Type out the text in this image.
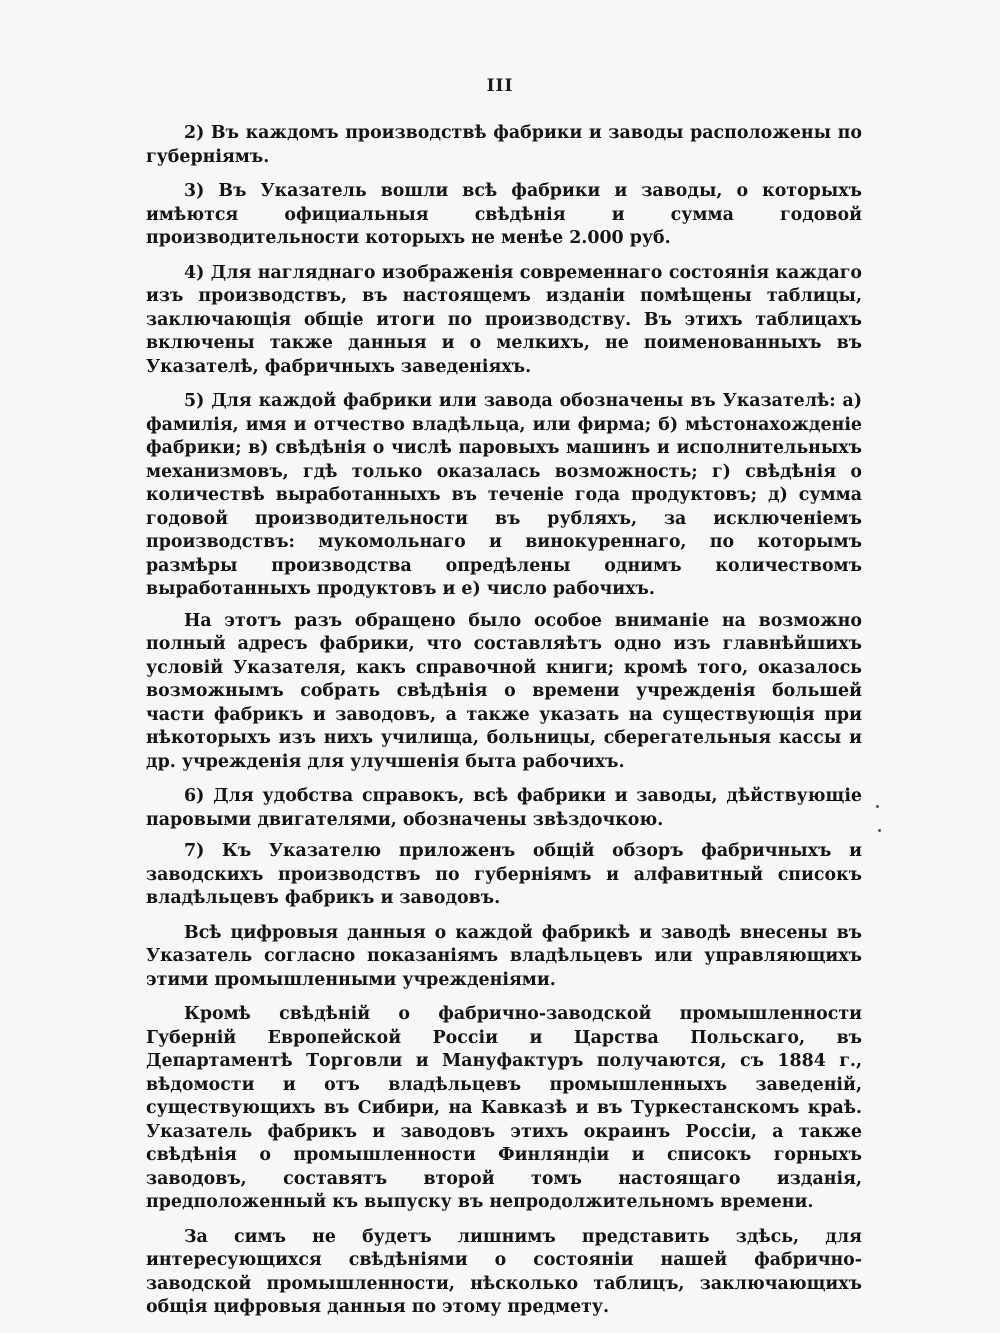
III

2) Въ каждомъ производствѣ фабрики и заводы расположены по губерніямъ.

3) Въ Указатель вошли всѣ фабрики и заводы, о которыхъ имѣются официальныя свѣдѣнія и сумма годовой производительности которыхъ не менѣе 2.000 руб.

4) Для нагляднаго изображенія современнаго состоянія каждаго изъ производствъ, въ настоящемъ изданіи помѣщены таблицы, заключающія общіе итоги по производству. Въ этихъ таблицахъ включены также данныя и о мелкихъ, не поименованныхъ въ Указателѣ, фабричныхъ заведеніяхъ.

5) Для каждой фабрики или завода обозначены въ Указателѣ: а) фамилія, имя и отчество владѣльца, или фирма; б) мѣстонахожденіе фабрики; в) свѣдѣнія о числѣ паровыхъ машинъ и исполнительныхъ механизмовъ, гдѣ только оказалась возможность; г) свѣдѣнія о количествѣ выработанныхъ въ теченіе года продуктовъ; д) сумма годовой производительности въ рубляхъ, за исключеніемъ производствъ: мукомольнаго и винокуреннаго, по которымъ размѣры производства опредѣлены однимъ количествомъ выработанныхъ продуктовъ и е) число рабочихъ.

На этотъ разъ обращено было особое вниманіе на возможно полный адресъ фабрики, что составляѣтъ одно изъ главнѣйшихъ условій Указателя, какъ справочной книги; кромѣ того, оказалось возможнымъ собрать свѣдѣнія о времени учрежденія большей части фабрикъ и заводовъ, а также указать на существующія при нѣкоторыхъ изъ нихъ училища, больницы, сберегательныя кассы и др. учрежденія для улучшенія быта рабочихъ.

6) Для удобства справокъ, всѣ фабрики и заводы, дѣйствующіе паровыми двигателями, обозначены звѣздочкою.

7) Къ Указателю приложенъ общій обзоръ фабричныхъ и заводскихъ производствъ по губерніямъ и алфавитный списокъ владѣльцевъ фабрикъ и заводовъ.

Всѣ цифровыя данныя о каждой фабрикѣ и заводѣ внесены въ Указатель согласно показаніямъ владѣльцевъ или управляющихъ этими промышленными учрежденіями.

Кромѣ свѣдѣній о фабрично-заводской промышленности Губерній Европейской Россіи и Царства Польскаго, въ Департаментѣ Торговли и Мануфактуръ получаются, съ 1884 г., вѣдомости и отъ владѣльцевъ промышленныхъ заведеній, существующихъ въ Сибири, на Кавказѣ и въ Туркестанскомъ краѣ. Указатель фабрикъ и заводовъ этихъ окраинъ Россіи, а также свѣдѣнія о промышленности Финляндіи и списокъ горныхъ заводовъ, составятъ второй томъ настоящаго изданія, предположенный къ выпуску въ непродолжительномъ времени.

За симъ не будетъ лишнимъ представить здѣсь, для интересующихся свѣдѣніями о состояніи нашей фабрично-заводской промышленности, нѣсколько таблицъ, заключающихъ общія цифровыя данныя по этому предмету.
